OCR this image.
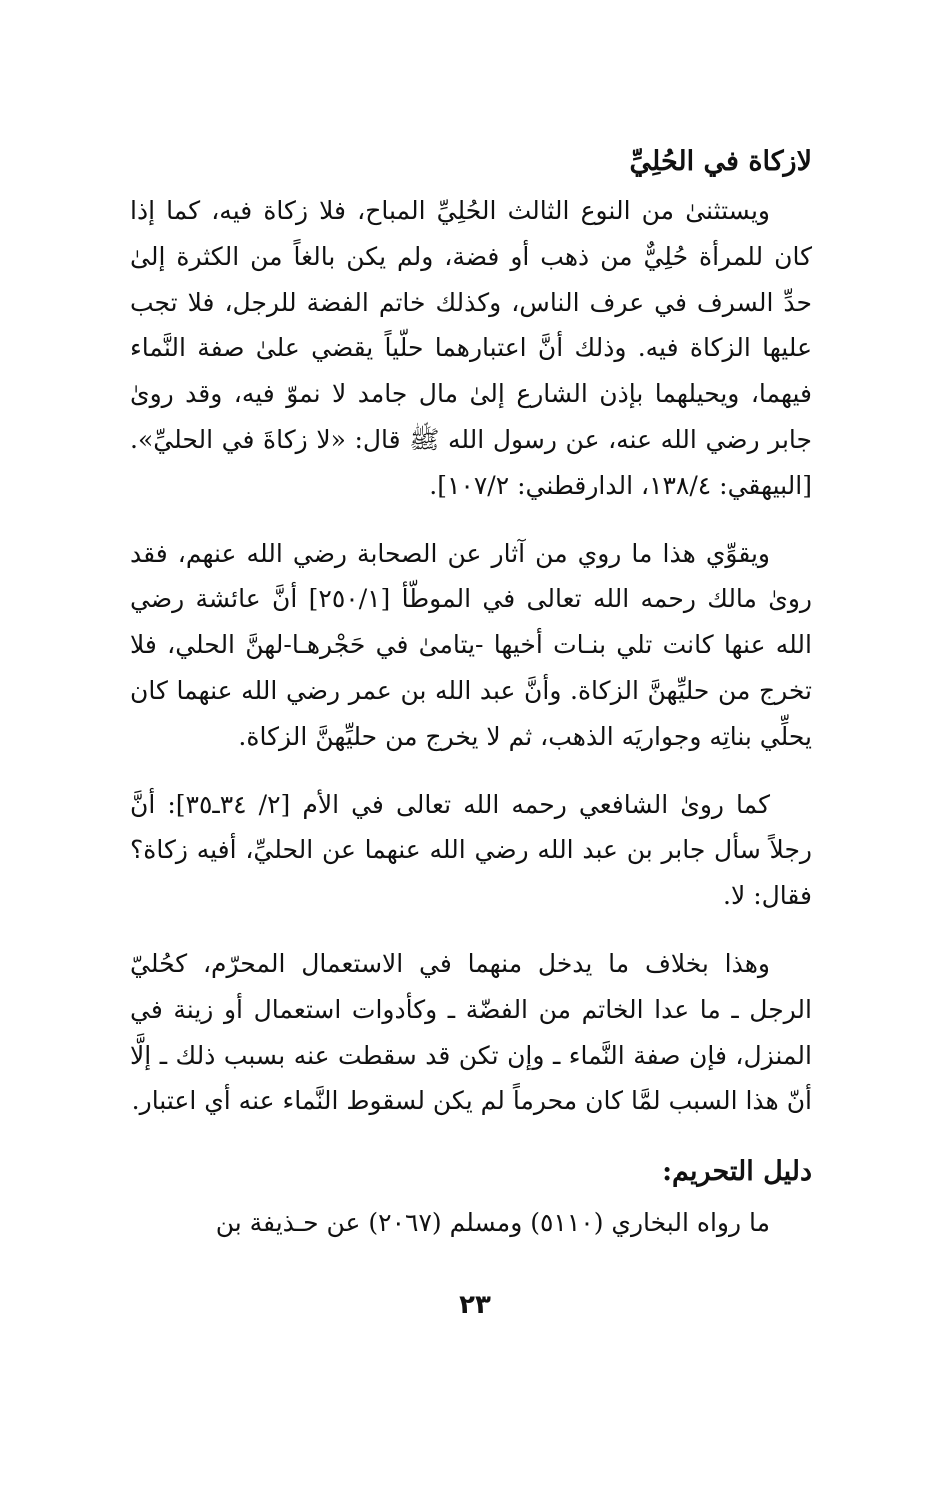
لازكاة في الحُلِيِّ

ويستثنىٰ من النوع الثالث الحُلِيِّ المباح، فلا زكاة فيه، كما إذا كان للمرأة حُلِيٌّ من ذهب أو فضة، ولم يكن بالغاً من الكثرة إلىٰ حدِّ السرف في عرف الناس، وكذلك خاتم الفضة للرجل، فلا تجب عليها الزكاة فيه. وذلك أنَّ اعتبارهما حلّياً يقضي علىٰ صفة النَّماء فيهما، ويحيلهما بإذن الشارع إلىٰ مال جامد لا نموّ فيه، وقد روىٰ جابر رضي الله عنه، عن رسول الله ﷺ قال: «لا زكاةَ في الحليِّ». [البيهقي: ١٣٨/٤، الدارقطني: ١٠٧/٢].

ويقوِّي هذا ما روي من آثار عن الصحابة رضي الله عنهم، فقد روىٰ مالك رحمه الله تعالى في الموطّأ [٢٥٠/١] أنَّ عائشة رضي الله عنها كانت تلي بنـات أخيها -يتامىٰ في حَجْرهـا-لهنَّ الحلي، فلا تخرج من حليِّهنَّ الزكاة. وأنَّ عبد الله بن عمر رضي الله عنهما كان يحلِّي بناتِه وجواريَه الذهب، ثم لا يخرج من حليِّهنَّ الزكاة.

كما روىٰ الشافعي رحمه الله تعالى في الأم [٢/ ٣٤ـ٣٥]: أنَّ رجلاً سأل جابر بن عبد الله رضي الله عنهما عن الحليِّ، أفيه زكاة؟ فقال: لا.

وهذا بخلاف ما يدخل منهما في الاستعمال المحرّم، كحُليّ الرجل ـ ما عدا الخاتم من الفضّة ـ وكأدوات استعمال أو زينة في المنزل، فإن صفة النَّماء ـ وإن تكن قد سقطت عنه بسبب ذلك ـ إلَّا أنّ هذا السبب لمَّا كان محرماً لم يكن لسقوط النَّماء عنه أي اعتبار.

دليل التحريم:

ما رواه البخاري (٥١١٠) ومسلم (٢٠٦٧) عن حـذيفة بن

٢٣
